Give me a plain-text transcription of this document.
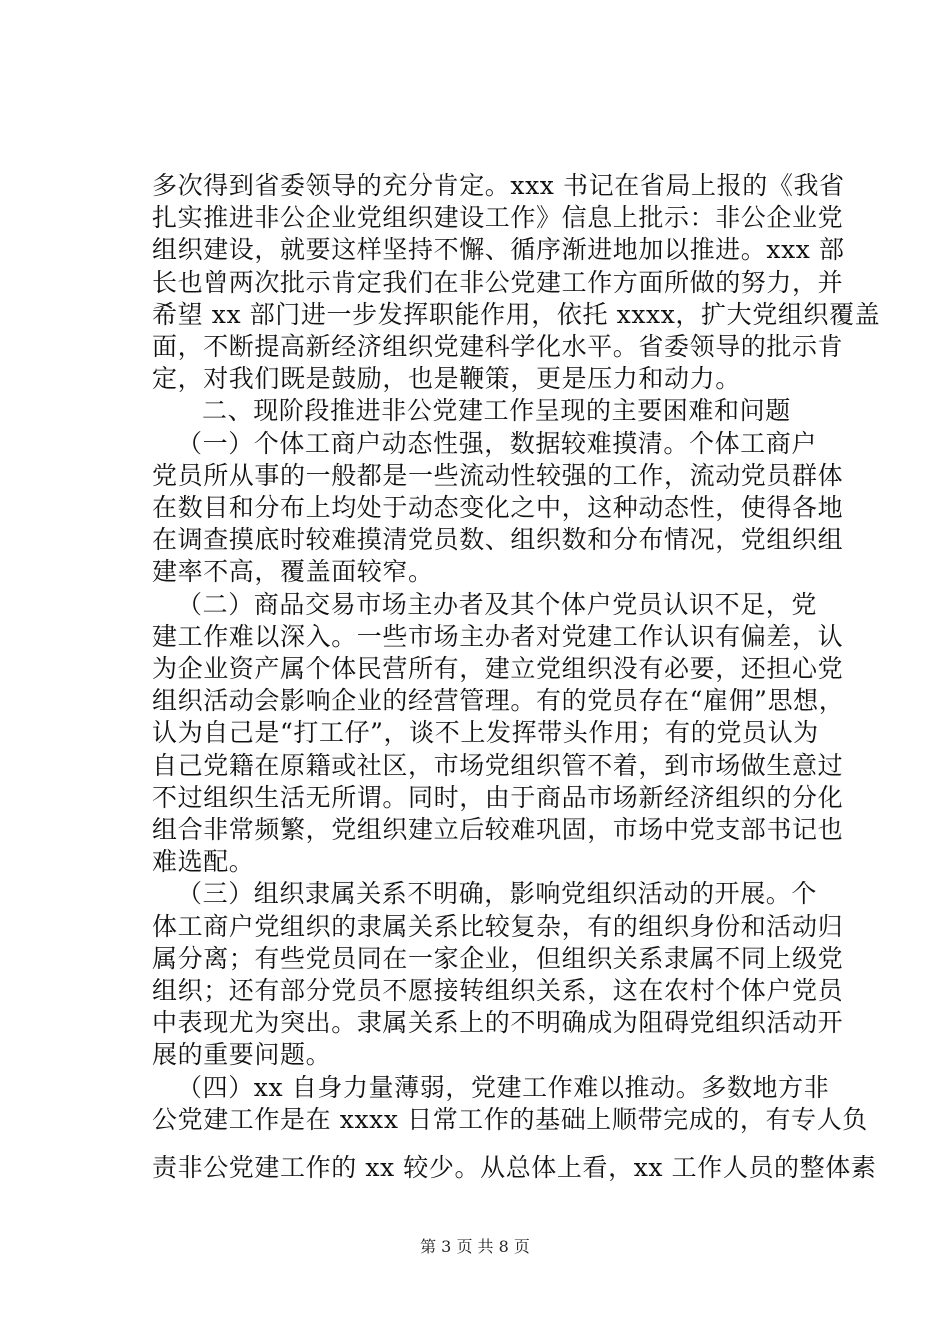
多次得到省委领导的充分肯定。xxx 书记在省局上报的《我省
扎实推进非公企业党组织建设工作》信息上批示：非公企业党
组织建设，就要这样坚持不懈、循序渐进地加以推进。xxx 部
长也曾两次批示肯定我们在非公党建工作方面所做的努力，并
希望 xx 部门进一步发挥职能作用，依托 xxxx，扩大党组织覆盖
面，不断提高新经济组织党建科学化水平。省委领导的批示肯
定，对我们既是鼓励，也是鞭策，更是压力和动力。
二、现阶段推进非公党建工作呈现的主要困难和问题
（一）个体工商户动态性强，数据较难摸清。个体工商户
党员所从事的一般都是一些流动性较强的工作，流动党员群体
在数目和分布上均处于动态变化之中，这种动态性，使得各地
在调查摸底时较难摸清党员数、组织数和分布情况，党组织组
建率不高，覆盖面较窄。
（二）商品交易市场主办者及其个体户党员认识不足，党
建工作难以深入。一些市场主办者对党建工作认识有偏差，认
为企业资产属个体民营所有，建立党组织没有必要，还担心党
组织活动会影响企业的经营管理。有的党员存在“雇佣”思想，
认为自己是“打工仔”，谈不上发挥带头作用；有的党员认为
自己党籍在原籍或社区，市场党组织管不着，到市场做生意过
不过组织生活无所谓。同时，由于商品市场新经济组织的分化
组合非常频繁，党组织建立后较难巩固，市场中党支部书记也
难选配。
（三）组织隶属关系不明确，影响党组织活动的开展。个
体工商户党组织的隶属关系比较复杂，有的组织身份和活动归
属分离；有些党员同在一家企业，但组织关系隶属不同上级党
组织；还有部分党员不愿接转组织关系，这在农村个体户党员
中表现尤为突出。隶属关系上的不明确成为阻碍党组织活动开
展的重要问题。
（四）xx 自身力量薄弱，党建工作难以推动。多数地方非
公党建工作是在 xxxx 日常工作的基础上顺带完成的，有专人负
责非公党建工作的 xx 较少。从总体上看，xx 工作人员的整体素
第 3 页 共 8 页
